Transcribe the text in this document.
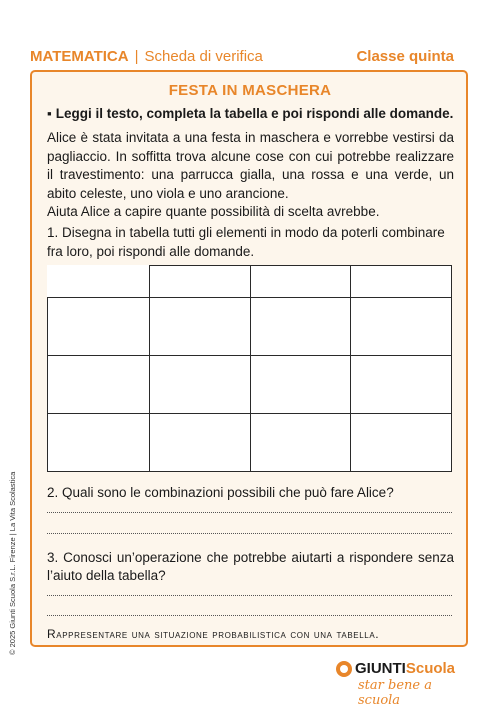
MATEMATICA | Scheda di verifica	Classe quinta
FESTA IN MASCHERA
▪ Leggi il testo, completa la tabella e poi rispondi alle domande.
Alice è stata invitata a una festa in maschera e vorrebbe vestirsi da pagliaccio. In soffitta trova alcune cose con cui potrebbe realizzare il travestimento: una parrucca gialla, una rossa e una verde, un abito celeste, uno viola e uno arancione.
Aiuta Alice a capire quante possibilità di scelta avrebbe.
1. Disegna in tabella tutti gli elementi in modo da poterli combinare fra loro, poi rispondi alle domande.

2. Quali sono le combinazioni possibili che può fare Alice?
3. Conosci un’operazione che potrebbe aiutarti a rispondere senza l’aiuto della tabella?
Rappresentare una situazione probabilistica con una tabella.
© 2025 Giunti Scuola S.r.L. Firenze | La Vita Scolastica
GIUNTI Scuola
star bene a scuola
